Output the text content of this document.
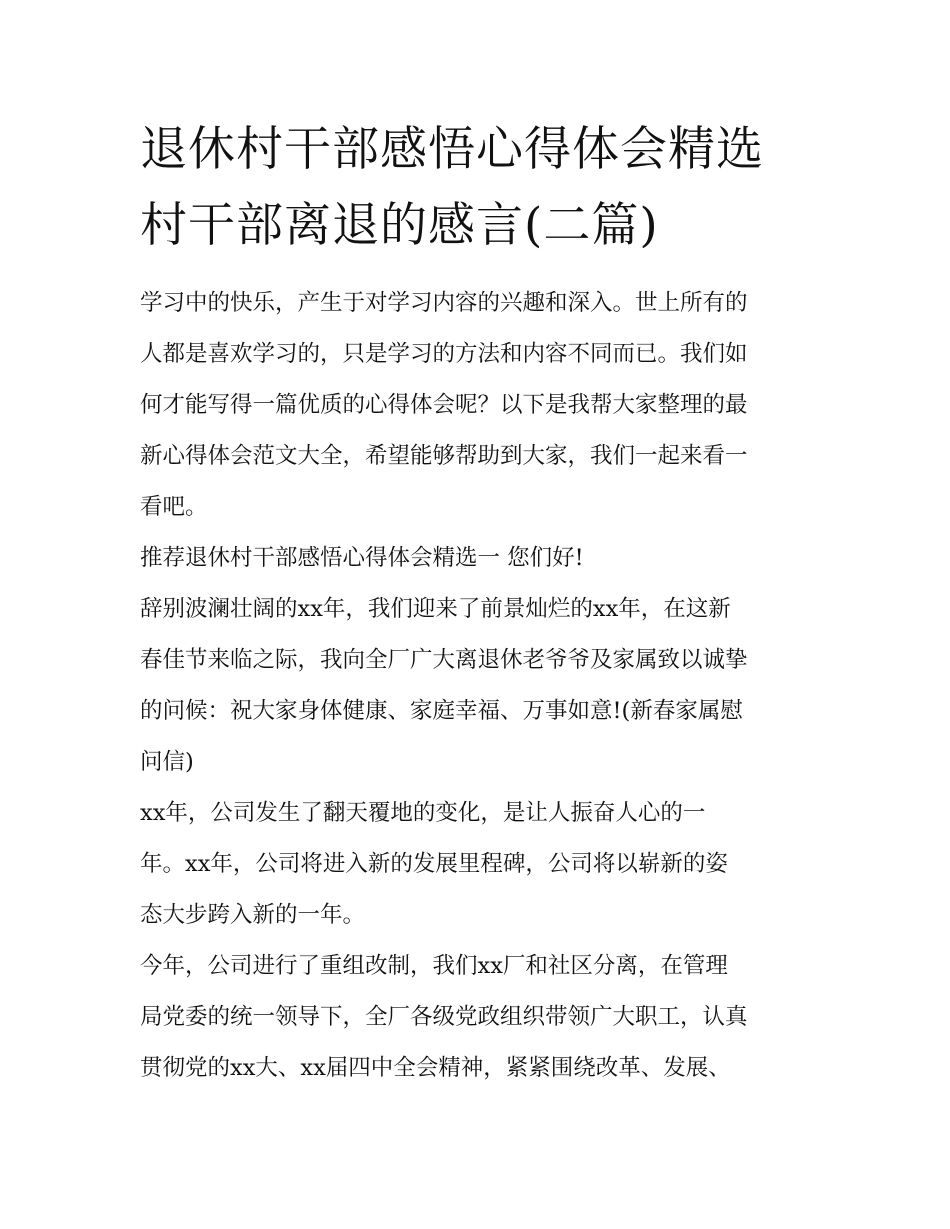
退休村干部感悟心得体会精选
村干部离退的感言(二篇)
学习中的快乐，产生于对学习内容的兴趣和深入。世上所有的
人都是喜欢学习的，只是学习的方法和内容不同而已。我们如
何才能写得一篇优质的心得体会呢？以下是我帮大家整理的最
新心得体会范文大全，希望能够帮助到大家，我们一起来看一
看吧。
推荐退休村干部感悟心得体会精选一 您们好!
辞别波澜壮阔的xx年，我们迎来了前景灿烂的xx年，在这新
春佳节来临之际，我向全厂广大离退休老爷爷及家属致以诚挚
的问候：祝大家身体健康、家庭幸福、万事如意!(新春家属慰
问信)
xx年，公司发生了翻天覆地的变化，是让人振奋人心的一
年。xx年，公司将进入新的发展里程碑，公司将以崭新的姿
态大步跨入新的一年。
今年，公司进行了重组改制，我们xx厂和社区分离，在管理
局党委的统一领导下，全厂各级党政组织带领广大职工，认真
贯彻党的xx大、xx届四中全会精神，紧紧围绕改革、发展、
